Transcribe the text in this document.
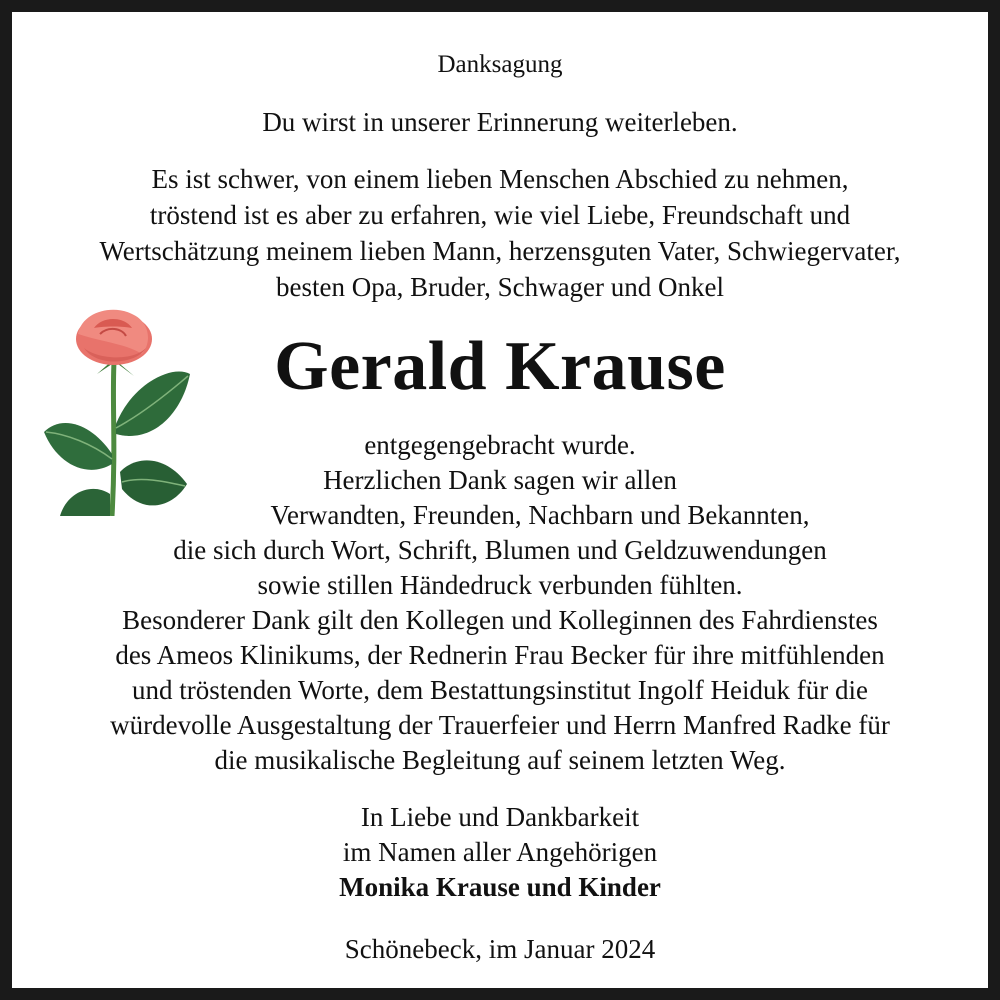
Danksagung
Du wirst in unserer Erinnerung weiterleben.
Es ist schwer, von einem lieben Menschen Abschied zu nehmen,
tröstend ist es aber zu erfahren, wie viel Liebe, Freundschaft und
Wertschätzung meinem lieben Mann, herzensguten Vater, Schwiegervater,
besten Opa, Bruder, Schwager und Onkel
Gerald Krause
entgegengebracht wurde.
Herzlichen Dank sagen wir allen
Verwandten, Freunden, Nachbarn und Bekannten,
die sich durch Wort, Schrift, Blumen und Geldzuwendungen
sowie stillen Händedruck verbunden fühlten.
Besonderer Dank gilt den Kollegen und Kolleginnen des Fahrdienstes
des Ameos Klinikums, der Rednerin Frau Becker für ihre mitfühlenden
und tröstenden Worte, dem Bestattungsinstitut Ingolf Heiduk für die
würdevolle Ausgestaltung der Trauerfeier und Herrn Manfred Radke für
die musikalische Begleitung auf seinem letzten Weg.
In Liebe und Dankbarkeit
im Namen aller Angehörigen
Monika Krause und Kinder
Schönebeck, im Januar 2024
